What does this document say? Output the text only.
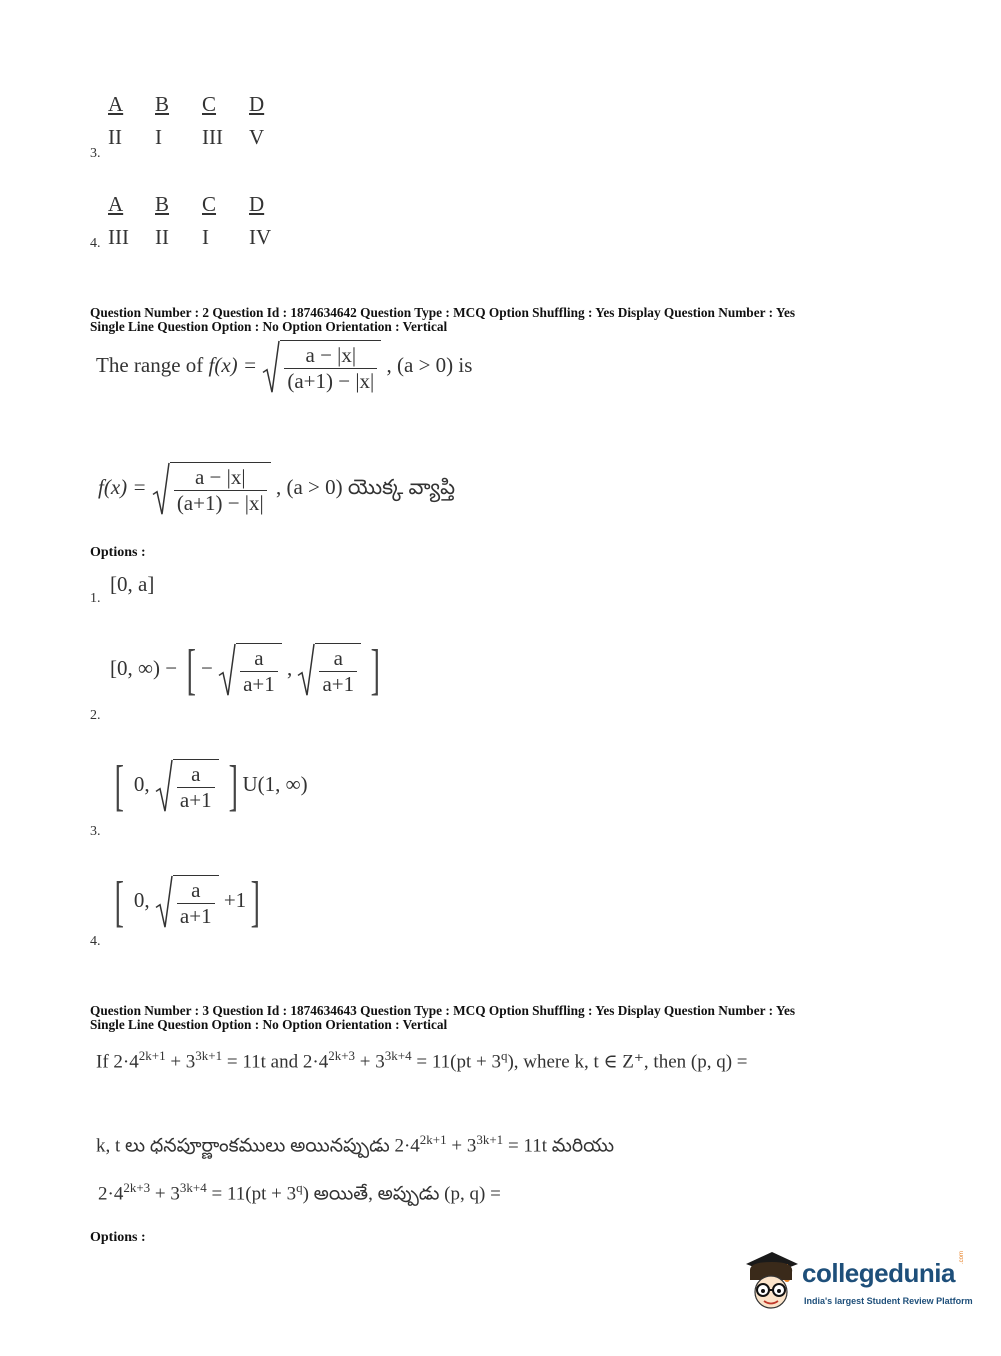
A B C D
II I III V
3.
A B C D
III II I IV
4.
Question Number : 2 Question Id : 1874634642 Question Type : MCQ Option Shuffling : Yes Display Question Number : Yes
Single Line Question Option : No Option Orientation : Vertical
The range of $f(x) = \frac{a - |x|}{(a+1) - |x|}$ , (a > 0) is
$f(x) = \frac{a - |x|}{(a+1) - |x|}$ , (a > 0) యొక్క వ్యాప్తి
Options :
[0, a]
1.
[0, ∞) − [ − $\frac{a}{a+1}$ , $\frac{a}{a+1}$ ]
2.
[ 0, $\frac{a}{a+1}$ ] U(1, ∞)
3.
[ 0, $\frac{a}{a+1} +1$]
4.
Question Number : 3 Question Id : 1874634643 Question Type : MCQ Option Shuffling : Yes Display Question Number : Yes
Single Line Question Option : No Option Orientation : Vertical
If $2\cdot 4^{2k+1} + 3^{3k+1} = 11t$ and $2\cdot 4^{2k+3} + 3^{3k+4} = 11(pt + 3^q)$, where k, t ∈ Z⁺, then (p, q) =
k, t లు ధనపూర్ణాంకములు అయినప్పుడు $2\cdot 4^{2k+1} + 3^{3k+1} = 11t$ మరియు
$2\cdot 4^{2k+3} + 3^{3k+4} = 11(pt + 3^q)$ అయితే, అప్పుడు (p, q) =
Options :
collegedunia
.com
India's largest Student Review Platform
